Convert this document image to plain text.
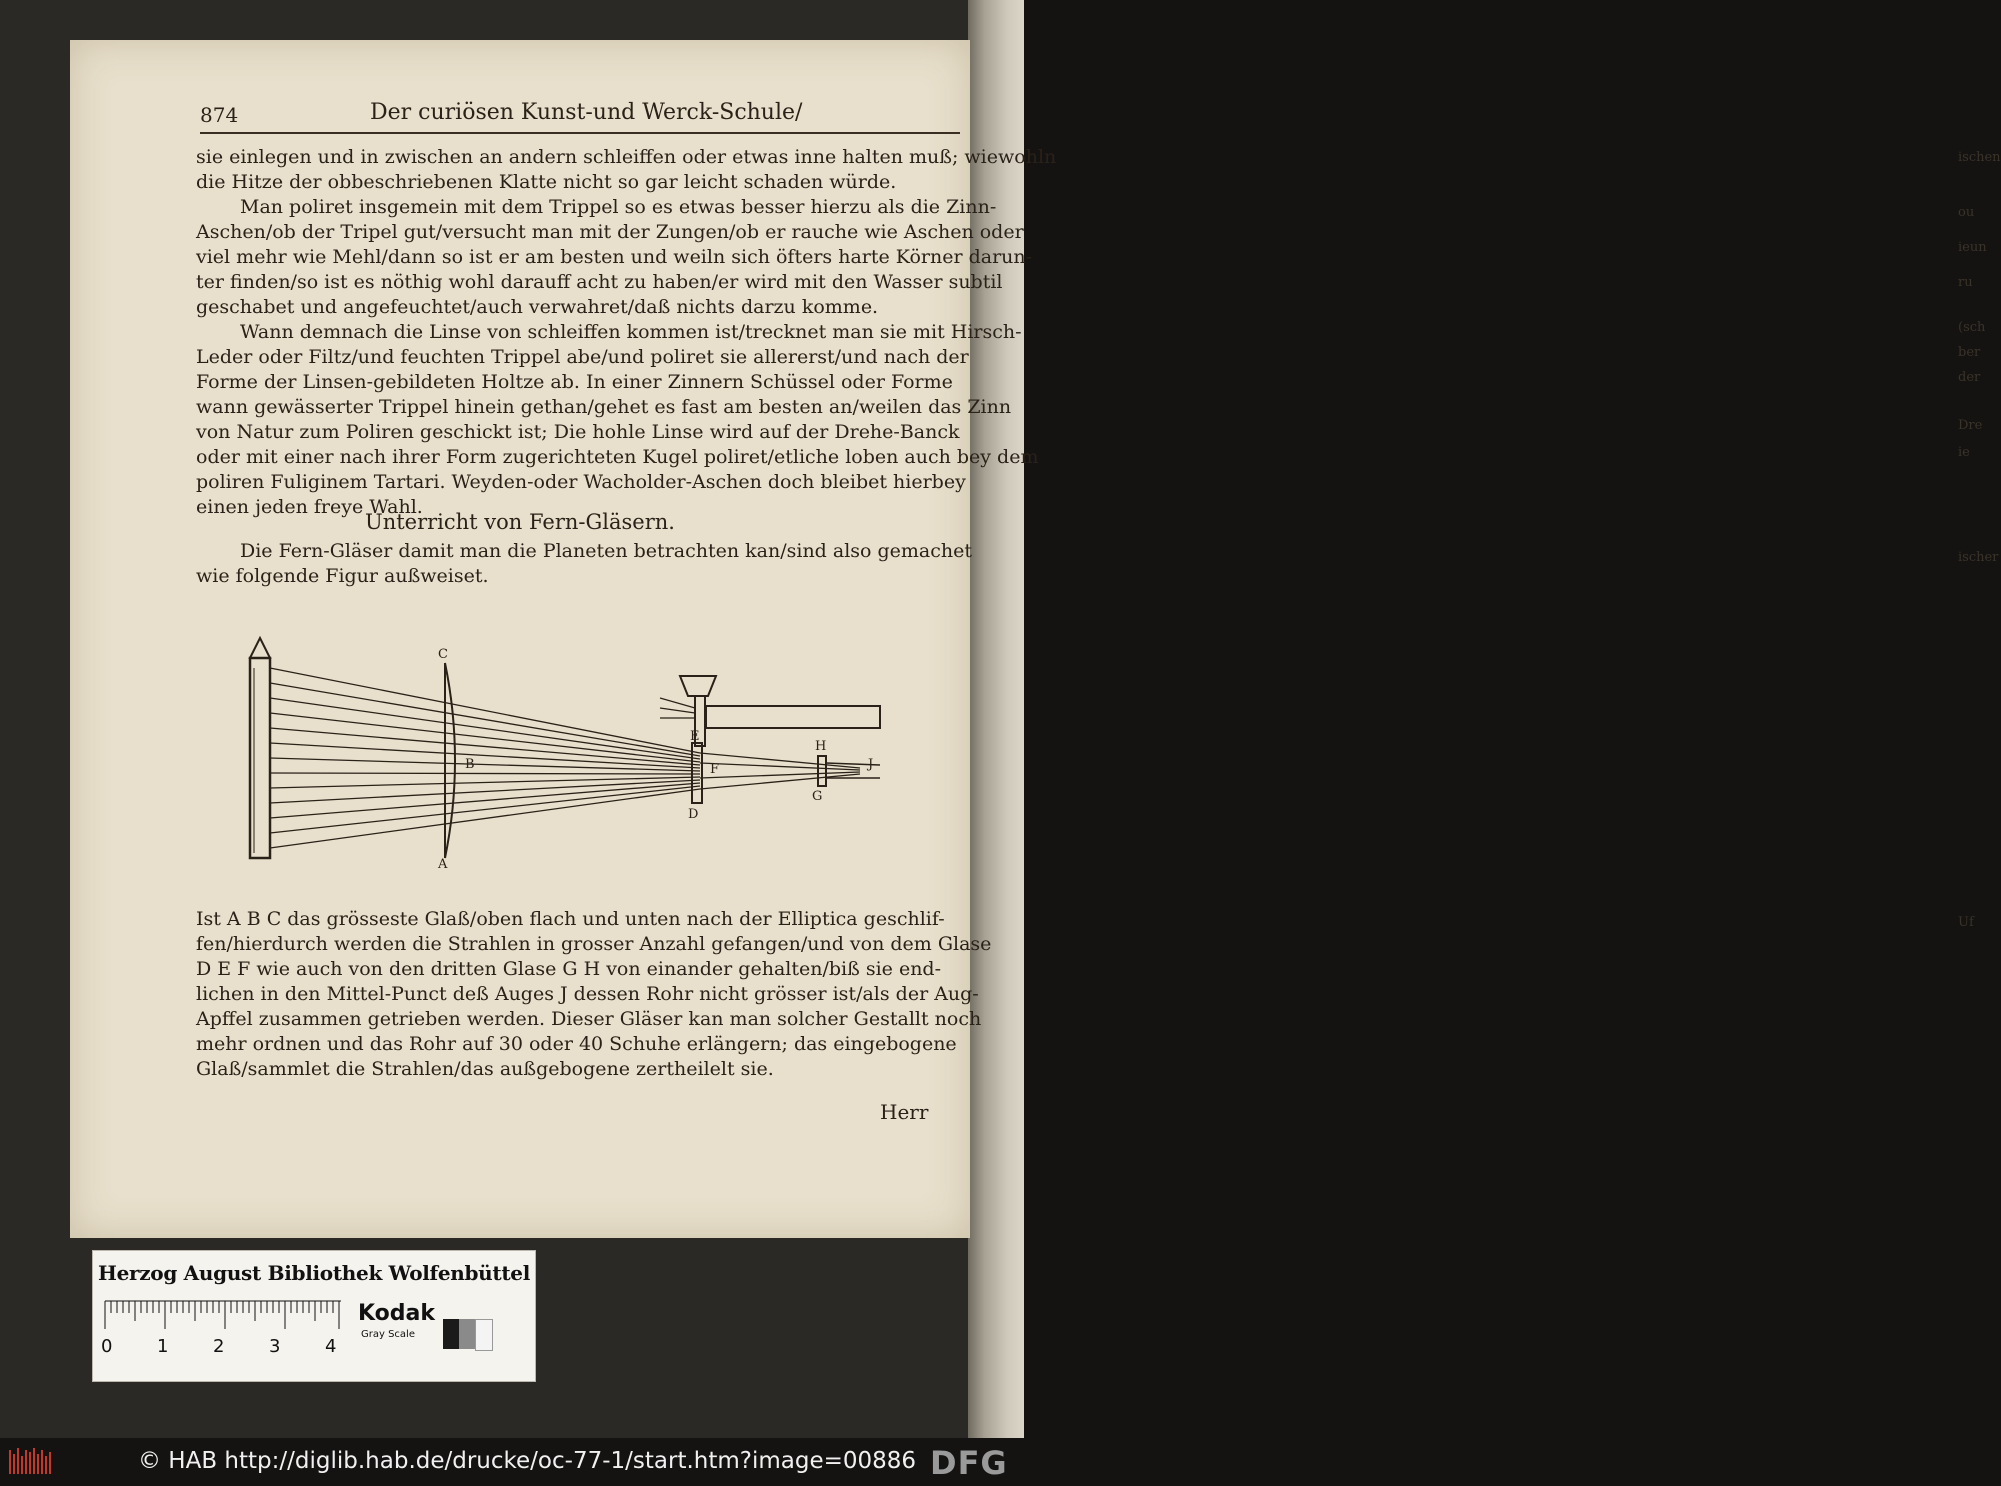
ischen
ou
ieun
ru
(sch
ber
der
Dre
ie
Uf
ischer
874	Der curiösen Kunst-und Werck-Schule/
sie einlegen und in zwischen an andern schleiffen oder etwas inne halten muß; wiewohln
die Hitze der obbeschriebenen Klatte nicht so gar leicht schaden würde.
Man poliret insgemein mit dem Trippel so es etwas besser hierzu als die Zinn-
Aschen/ob der Tripel gut/versucht man mit der Zungen/ob er rauche wie Aschen oder
viel mehr wie Mehl/dann so ist er am besten und weiln sich öfters harte Körner darun-
ter finden/so ist es nöthig wohl darauff acht zu haben/er wird mit den Wasser subtil
geschabet und angefeuchtet/auch verwahret/daß nichts darzu komme.
Wann demnach die Linse von schleiffen kommen ist/trecknet man sie mit Hirsch-
Leder oder Filtz/und feuchten Trippel abe/und poliret sie allererst/und nach der
Forme der Linsen-gebildeten Holtze ab. In einer Zinnern Schüssel oder Forme
wann gewässerter Trippel hinein gethan/gehet es fast am besten an/weilen das Zinn
von Natur zum Poliren geschickt ist; Die hohle Linse wird auf der Drehe-Banck
oder mit einer nach ihrer Form zugerichteten Kugel poliret/etliche loben auch bey dem
poliren Fuliginem Tartari. Weyden-oder Wacholder-Aschen doch bleibet hierbey
einen jeden freye Wahl.
Unterricht von Fern-Gläsern.
Die Fern-Gläser damit man die Planeten betrachten kan/sind also gemachet
wie folgende Figur außweiset.
C
B
A
E
D
F
H
G
J
Ist A B C das grösseste Glaß/oben flach und unten nach der Elliptica geschlif-
fen/hierdurch werden die Strahlen in grosser Anzahl gefangen/und von dem Glase
D E F wie auch von den dritten Glase G H von einander gehalten/biß sie end-
lichen in den Mittel-Punct deß Auges J dessen Rohr nicht grösser ist/als der Aug-
Apffel zusammen getrieben werden. Dieser Gläser kan man solcher Gestallt noch
mehr ordnen und das Rohr auf 30 oder 40 Schuhe erlängern; das eingebogene
Glaß/sammlet die Strahlen/das außgebogene zertheilelt sie.
Herr
Herzog August Bibliothek Wolfenbüttel
0 1 2 3 4
Kodak
Gray Scale
© HAB http://diglib.hab.de/drucke/oc-77-1/start.htm?image=00886 DFG
